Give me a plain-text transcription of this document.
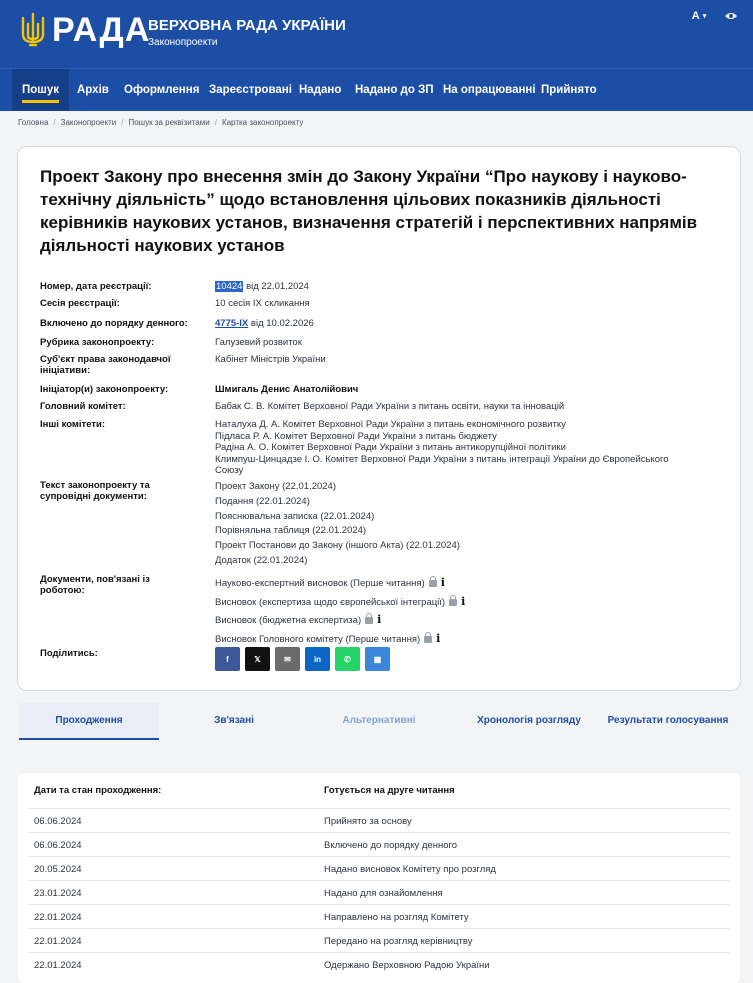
РАДА
ВЕРХОВНА РАДА УКРАЇНИ
Законопроекти
A ▾
Пошук	Архів Оформлення Зареєстровані Надано Надано до ЗП На опрацюванні Прийнято
Головна / Законопроекти / Пошук за реквізитами / Картка законопроекту
Проект Закону про внесення змін до Закону України “Про наукову і науково-технічну діяльність” щодо встановлення цільових показників діяльності керівників наукових установ, визначення стратегій і перспективних напрямів діяльності наукових установ
Номер, дата реєстрації:	10424 від 22.01.2024
Сесія реєстрації:	10 сесія IX скликання
Включено до порядку денного:	4775-IX від 10.02.2026
Рубрика законопроекту:	Галузевий розвиток
Суб'єкт права законодавчої ініціативи:
Кабінет Міністрів України
Ініціатор(и) законопроекту:	Шмигаль Денис Анатолійович
Головний комітет:	Бабак С. В. Комітет Верховної Ради України з питань освіти, науки та інновацій
Інші комітети:	Наталуха Д. А. Комітет Верховної Ради України з питань економічного розвитку
Підласа Р. А. Комітет Верховної Ради України з питань бюджету
Радіна А. О. Комітет Верховної Ради України з питань антикорупційної політики
Климпуш-Цинцадзе І. О. Комітет Верховної Ради України з питань інтеграції України до Європейського
Союзу
Текст законопроекту та супровідні документи:
Проект Закону (22.01.2024)
Подання (22.01.2024)
Пояснювальна записка (22.01.2024)
Порівняльна таблиця (22.01.2024)
Проект Постанови до Закону (іншого Акта) (22.01.2024)
Додаток (22.01.2024)
Документи, пов'язані із роботою:
Науково-експертний висновок (Перше читання) i
Висновок (експертиза щодо європейської інтеграції) i
Висновок (бюджетна експертиза) i
Висновок Головного комітету (Перше читання) i
Поділитись:	f	𝕏	✉	in	✆	▦
Проходження	Зв'язані	Альтернативні	Хронологія розгляду	Результати голосування
Дати та стан проходження:	Готується на друге читання
06.06.2024	Прийнято за основу
06.06.2024	Включено до порядку денного
20.05.2024	Надано висновок Комітету про розгляд
23.01.2024	Надано для ознайомлення
22.01.2024	Направлено на розгляд Комітету
22.01.2024	Передано на розгляд керівництву
22.01.2024	Одержано Верховною Радою України
